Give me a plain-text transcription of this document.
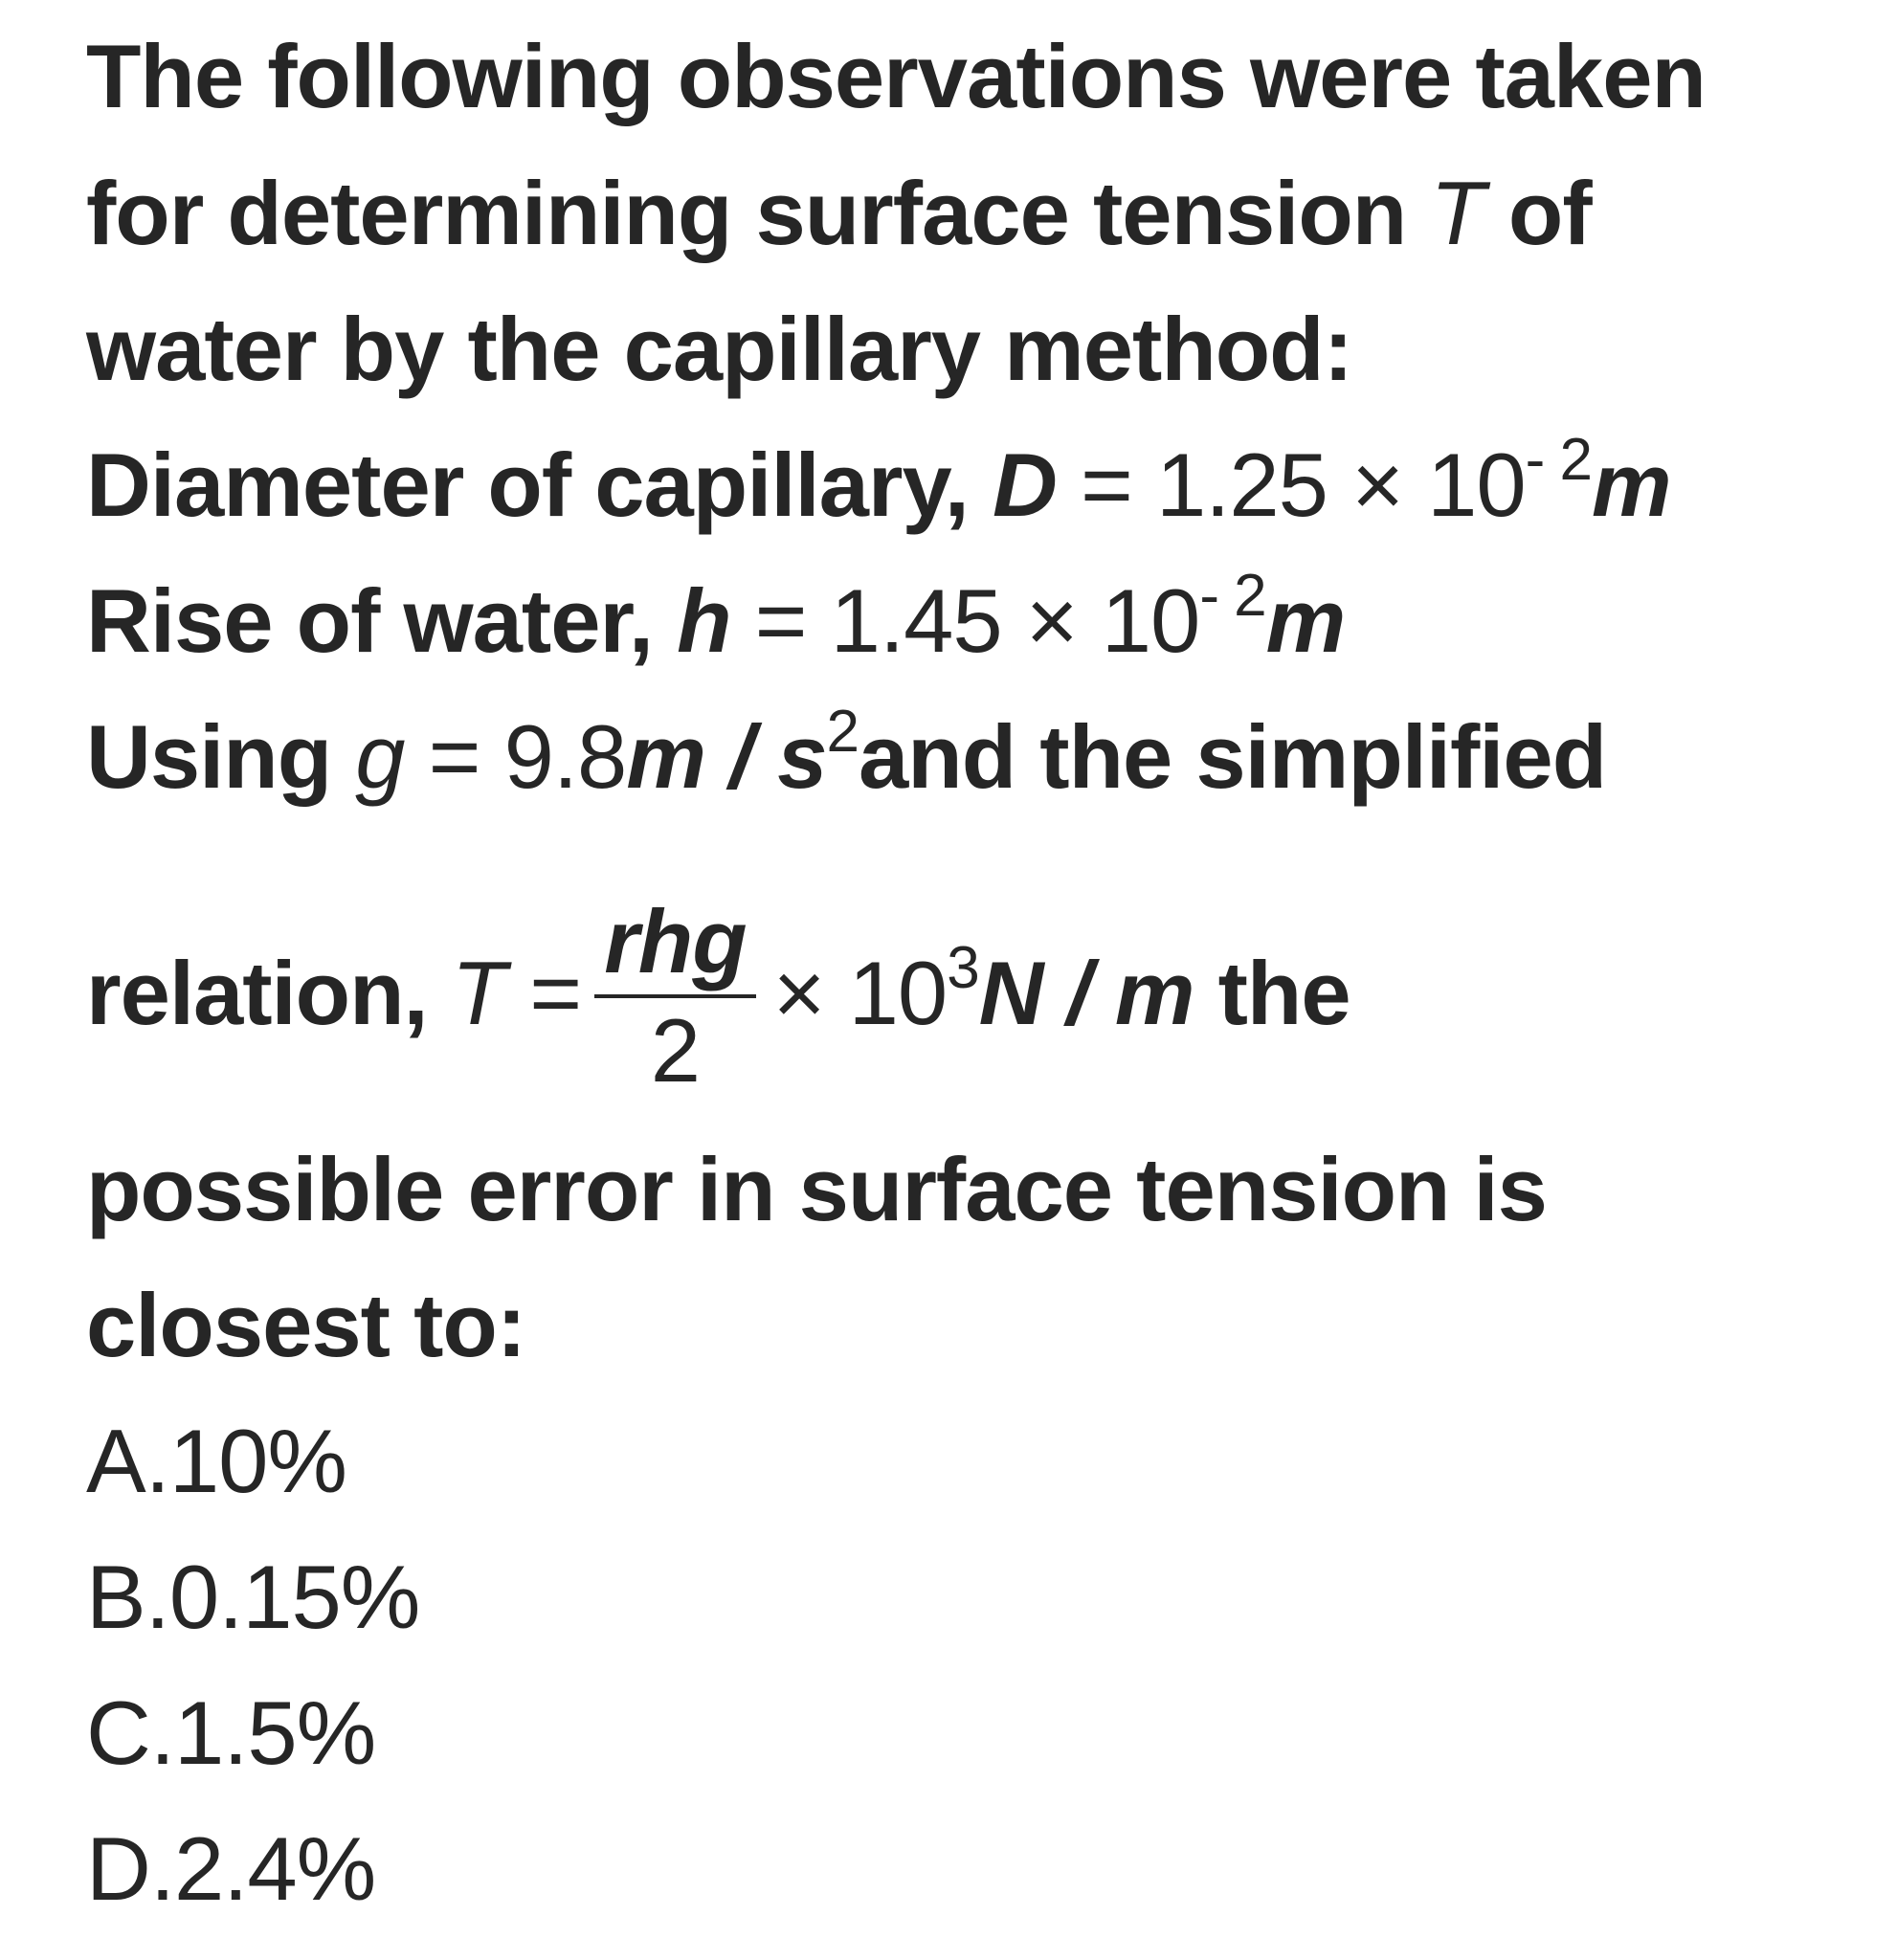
The following observations were taken
for determining surface tension T of
water by the capillary method:
Diameter of capillary, $D = 1.25 \times 10^{- 2}m$
Rise of water, $h = 1.45 \times 10^{- 2}m$
Using $g = 9.8m / s^2and$ the simplified
relation, $T = \frac{\text{rhg}}{2} \times 10^3N / m$ the
possible error in surface tension is
closest to:
A.10%
B.0.15%
C.1.5%
D.2.4%
